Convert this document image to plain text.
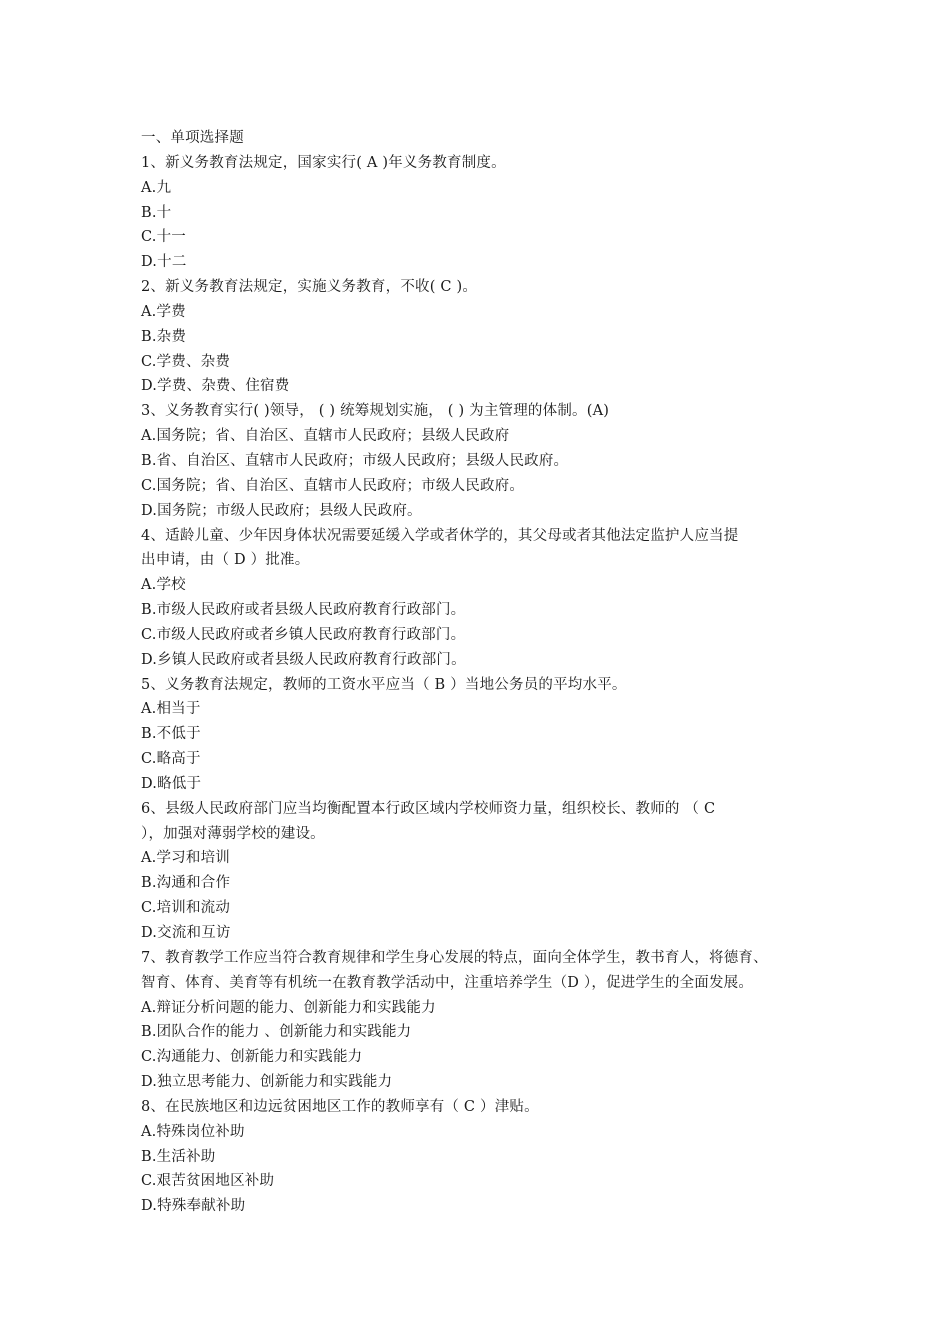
一、单项选择题
1、新义务教育法规定，国家实行( A )年义务教育制度。
A.九
B.十
C.十一
D.十二
2、新义务教育法规定，实施义务教育，不收( C )。
A.学费
B.杂费
C.学费、杂费
D.学费、杂费、住宿费
3、义务教育实行( )领导， ( ) 统筹规划实施， ( ) 为主管理的体制。(A)
A.国务院；省、自治区、直辖市人民政府；县级人民政府
B.省、自治区、直辖市人民政府；市级人民政府；县级人民政府。
C.国务院；省、自治区、直辖市人民政府；市级人民政府。
D.国务院；市级人民政府；县级人民政府。
4、适龄儿童、少年因身体状况需要延缓入学或者休学的，其父母或者其他法定监护人应当提
出申请，由（ D ）批准。
A.学校
B.市级人民政府或者县级人民政府教育行政部门。
C.市级人民政府或者乡镇人民政府教育行政部门。
D.乡镇人民政府或者县级人民政府教育行政部门。
5、义务教育法规定，教师的工资水平应当（ B ）当地公务员的平均水平。
A.相当于
B.不低于
C.略高于
D.略低于
6、县级人民政府部门应当均衡配置本行政区域内学校师资力量，组织校长、教师的 （ C
），加强对薄弱学校的建设。
A.学习和培训
B.沟通和合作
C.培训和流动
D.交流和互访
7、教育教学工作应当符合教育规律和学生身心发展的特点，面向全体学生，教书育人，将德育、
智育、体育、美育等有机统一在教育教学活动中，注重培养学生（D ），促进学生的全面发展。
A.辩证分析问题的能力、创新能力和实践能力
B.团队合作的能力 、创新能力和实践能力
C.沟通能力、创新能力和实践能力
D.独立思考能力、创新能力和实践能力
8、在民族地区和边远贫困地区工作的教师享有（ C ）津贴。
A.特殊岗位补助
B.生活补助
C.艰苦贫困地区补助
D.特殊奉献补助
